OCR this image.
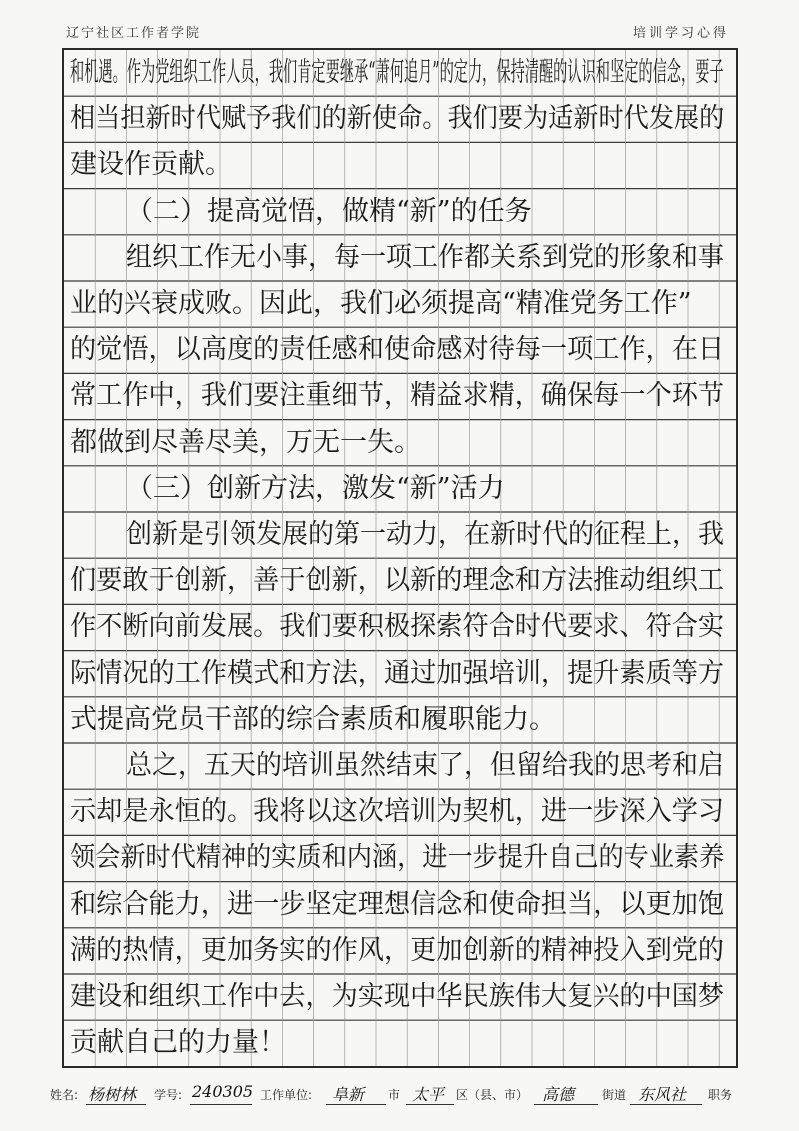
辽宁社区工作者学院	培训学习心得
和机遇。作为党组织工作人员，我们肯定要继承“萧何追月”的定力，保持清醒的认识和坚定的信念，要子
相当担新时代赋予我们的新使命。我们要为适新时代发展的
建设作贡献。
（二）提高觉悟，做精“新”的任务
组织工作无小事，每一项工作都关系到党的形象和事
业的兴衰成败。因此，我们必须提高“精准党务工作”
的觉悟，以高度的责任感和使命感对待每一项工作，在日
常工作中，我们要注重细节，精益求精，确保每一个环节
都做到尽善尽美，万无一失。
（三）创新方法，激发“新”活力
创新是引领发展的第一动力，在新时代的征程上，我
们要敢于创新，善于创新，以新的理念和方法推动组织工
作不断向前发展。我们要积极探索符合时代要求、符合实
际情况的工作模式和方法，通过加强培训，提升素质等方
式提高党员干部的综合素质和履职能力。
总之，五天的培训虽然结束了，但留给我的思考和启
示却是永恒的。我将以这次培训为契机，进一步深入学习
领会新时代精神的实质和内涵，进一步提升自己的专业素养
和综合能力，进一步坚定理想信念和使命担当，以更加饱
满的热情，更加务实的作风，更加创新的精神投入到党的
建设和组织工作中去，为实现中华民族伟大复兴的中国梦
贡献自己的力量！
姓名: 杨树林 学号: 240305 工作单位: 阜新 市 太平 区（县、市） 高德 街道 东风社 职务
